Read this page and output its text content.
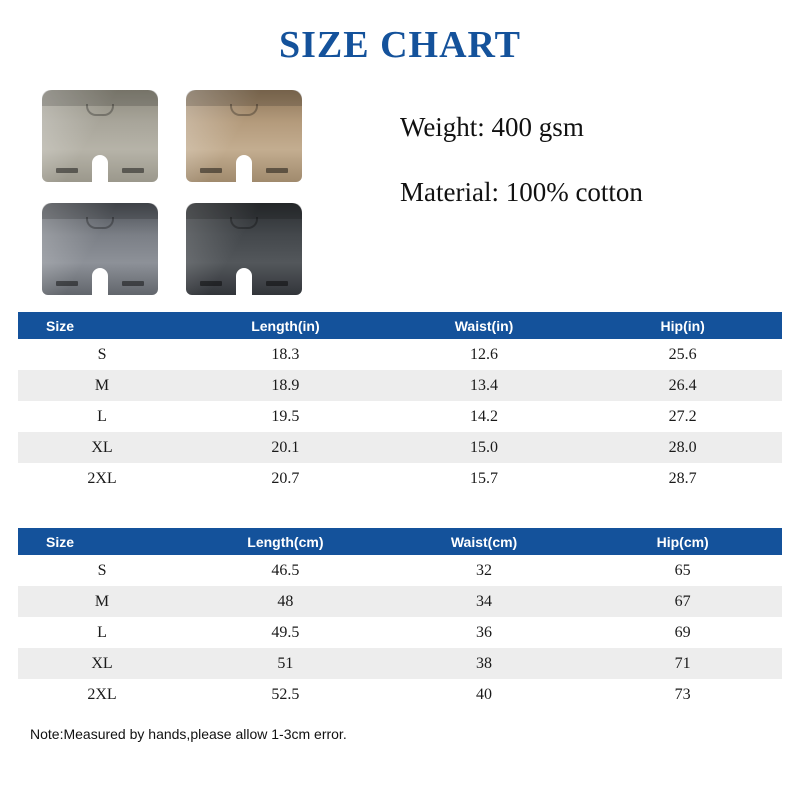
SIZE CHART
Weight: 400 gsm
Material: 100% cotton
Size	Length(in)	Waist(in)	Hip(in)
S	18.3	12.6	25.6
M	18.9	13.4	26.4
L	19.5	14.2	27.2
XL	20.1	15.0	28.0
2XL	20.7	15.7	28.7
Size	Length(cm)	Waist(cm)	Hip(cm)
S	46.5	32	65
M	48	34	67
L	49.5	36	69
XL	51	38	71
2XL	52.5	40	73
Note:Measured by hands,please allow 1-3cm error.
